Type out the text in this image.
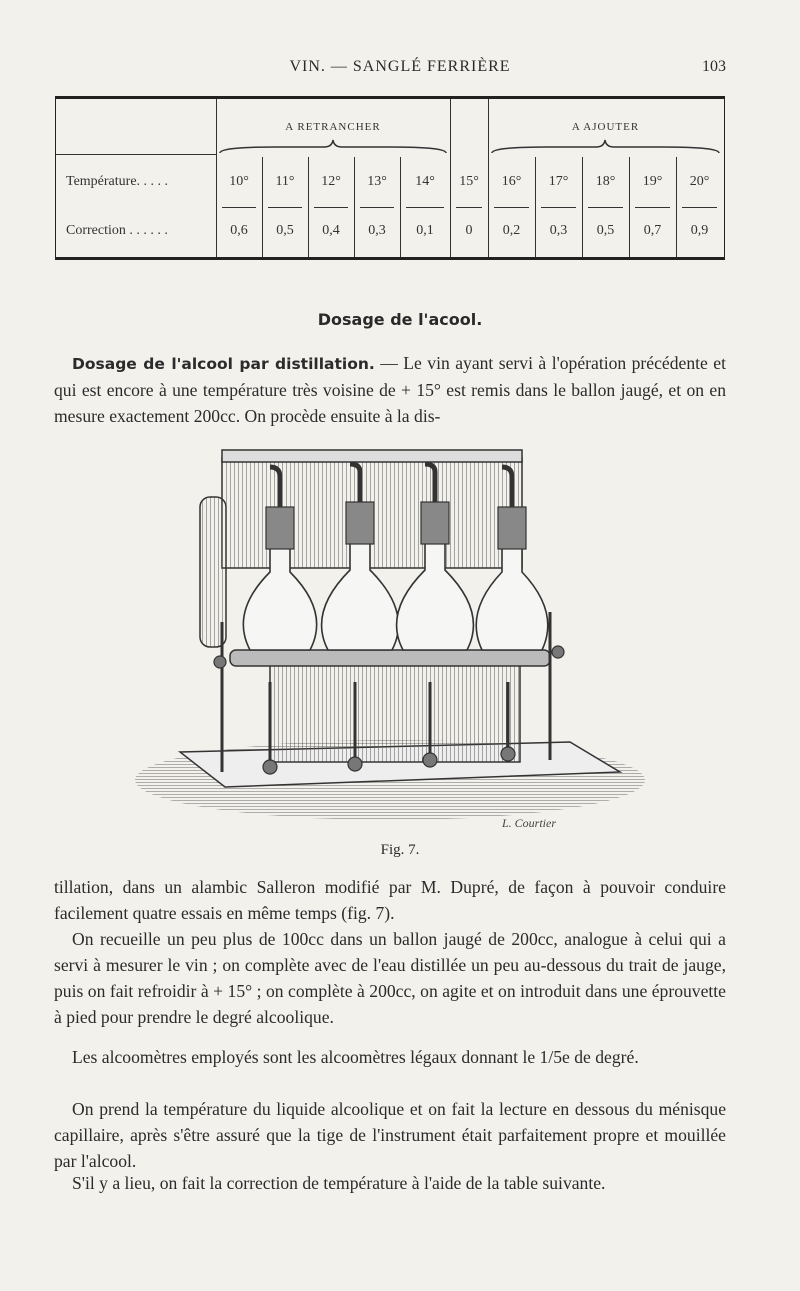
VIN. — SANGLÉ FERRIÈRE	103
A RETRANCHER	A AJOUTER
Température. . . . .
Correction . . . . . .
10°
0,6
11°
0,5
12°
0,4
13°
0,3
14°
0,1
15°
0
16°
0,2
17°
0,3
18°
0,5
19°
0,7
20°
0,9
Dosage de l'acool.
Dosage de l'alcool par distillation. — Le vin ayant servi à l'opération précédente et qui est encore à une température très voisine de + 15° est remis dans le ballon jaugé, et on en mesure exactement 200cc. On procède ensuite à la dis-
L. Courtier
Fig. 7.
tillation, dans un alambic Salleron modifié par M. Dupré, de façon à pouvoir conduire facilement quatre essais en même temps (fig. 7).
On recueille un peu plus de 100cc dans un ballon jaugé de 200cc, analogue à celui qui a servi à mesurer le vin ; on complète avec de l'eau distillée un peu au-dessous du trait de jauge, puis on fait refroidir à + 15° ; on complète à 200cc, on agite et on introduit dans une éprouvette à pied pour prendre le degré alcoolique.
Les alcoomètres employés sont les alcoomètres légaux donnant le 1/5e de degré.
On prend la température du liquide alcoolique et on fait la lecture en dessous du ménisque capillaire, après s'être assuré que la tige de l'instrument était parfaitement propre et mouillée par l'alcool.
S'il y a lieu, on fait la correction de température à l'aide de la table suivante.
